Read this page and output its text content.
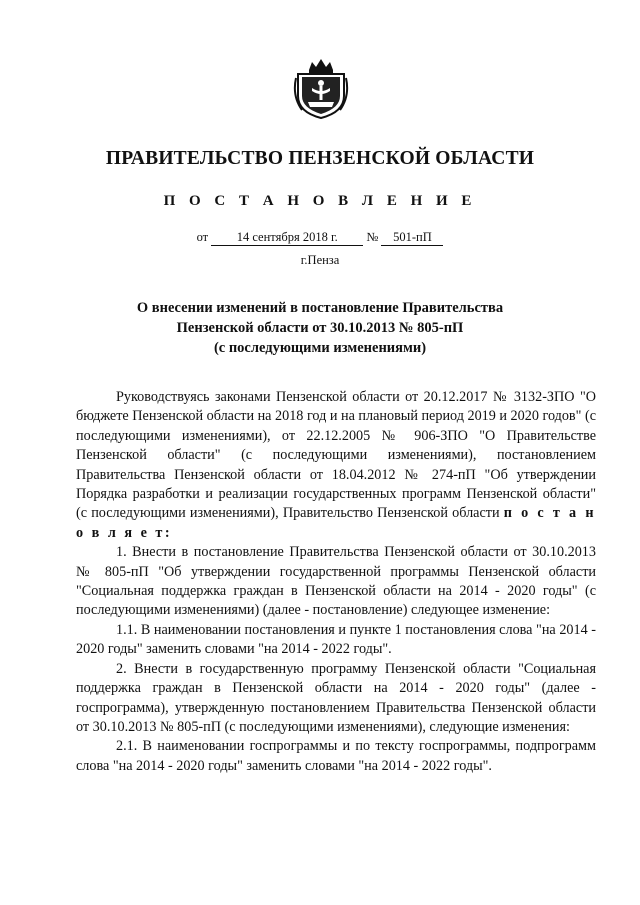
ПРАВИТЕЛЬСТВО ПЕНЗЕНСКОЙ ОБЛАСТИ
П О С Т А Н О В Л Е Н И Е
от 14 сентября 2018 г. № 501-пП
г.Пенза
О внесении изменений в постановление Правительства
Пензенской области от 30.10.2013 № 805-пП
(с последующими изменениями)

Руководствуясь законами Пензенской области от 20.12.2017 № 3132-ЗПО "О бюджете Пензенской области на 2018 год и на плановый период 2019 и 2020 годов" (с последующими изменениями), от 22.12.2005 № 906-ЗПО "О Правительстве Пензенской области" (с последующими изменениями), постановлением Правительства Пензенской области от 18.04.2012 № 274-пП "Об утверждении Порядка разработки и реализации государственных программ Пензенской области" (с последующими изменениями), Правительство Пензенской области п о с т а н о в л я е т:

1. Внести в постановление Правительства Пензенской области от 30.10.2013 № 805-пП "Об утверждении государственной программы Пензенской области "Социальная поддержка граждан в Пензенской области на 2014 - 2020 годы" (с последующими изменениями) (далее - постановление) следующее изменение:

1.1. В наименовании постановления и пункте 1 постановления слова "на 2014 - 2020 годы" заменить словами "на 2014 - 2022 годы".

2. Внести в государственную программу Пензенской области "Социальная поддержка граждан в Пензенской области на 2014 - 2020 годы" (далее - госпрограмма), утвержденную постановлением Правительства Пензенской области от 30.10.2013 № 805-пП (с последующими изменениями), следующие изменения:

2.1. В наименовании госпрограммы и по тексту госпрограммы, подпрограмм слова "на 2014 - 2020 годы" заменить словами "на 2014 - 2022 годы".
